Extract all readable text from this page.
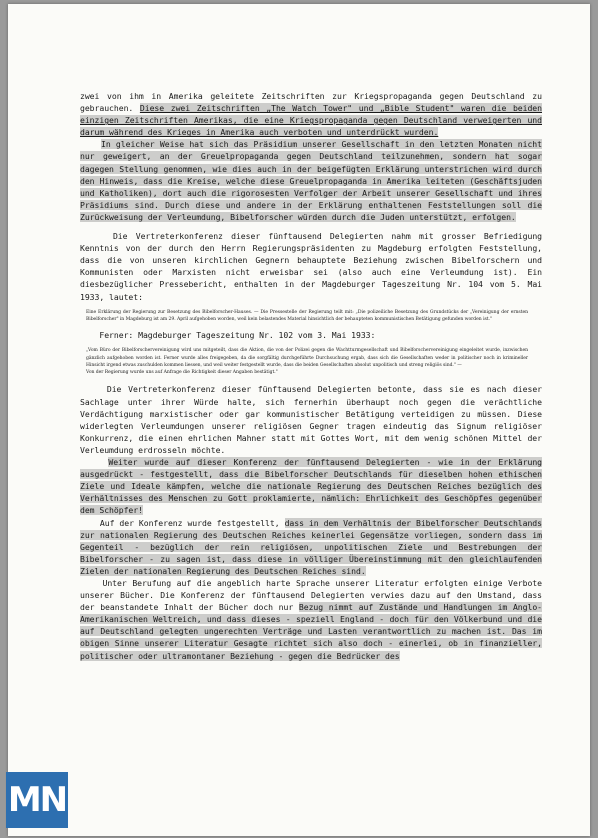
zwei von ihm in Amerika geleitete Zeitschriften zur Kriegspropaganda gegen Deutschland zu gebrauchen. Diese zwei Zeitschriften „The Watch Tower" und „Bible Student" waren die beiden einzigen Zeitschriften Amerikas, die eine Kriegspropaganda gegen Deutschland verweigerten und darum während des Krieges in Amerika auch verboten und unterdrückt wurden.

In gleicher Weise hat sich das Präsidium unserer Gesellschaft in den letzten Monaten nicht nur geweigert, an der Greuelpropaganda gegen Deutschland teilzunehmen, sondern hat sogar dagegen Stellung genommen, wie dies auch in der beigefügten Erklärung unterstrichen wird durch den Hinweis, dass die Kreise, welche diese Greuelpropaganda in Amerika leiteten (Geschäftsjuden und Katholiken), dort auch die rigorosesten Verfolger der Arbeit unserer Gesellschaft und ihres Präsidiums sind. Durch diese und andere in der Erklärung enthaltenen Feststellungen soll die Zurückweisung der Verleumdung, Bibelforscher würden durch die Juden unterstützt, erfolgen.

Die Vertreterkonferenz dieser fünftausend Delegierten nahm mit grosser Befriedigung Kenntnis von der durch den Herrn Regierungspräsidenten zu Magdeburg erfolgten Feststellung, dass die von unseren kirchlichen Gegnern behauptete Beziehung zwischen Bibelforschern und Kommunisten oder Marxisten nicht erweisbar sei (also auch eine Verleumdung ist). Ein diesbezüglicher Pressebericht, enthalten in der Magdeburger Tageszeitung Nr. 104 vom 5. Mai 1933, lautet:

Eine Erklärung der Regierung zur Besetzung des Bibelforscher-Hauses. — Die Pressestelle der Regierung teilt mit: „Die polizeiliche Besetzung des Grundstücks der „Vereinigung der ernsten Bibelforscher" in Magdeburg ist am 29. April aufgehoben worden, weil kein belastendes Material hinsichtlich der behaupteten kommunistischen Betätigung gefunden worden ist."

Ferner: Magdeburger Tageszeitung Nr. 102 vom 3. Mai 1933:

„Vom Büro der Bibelforschervereinigung wird uns mitgeteilt, dass die Aktion, die von der Polizei gegen die Wachtturmgesellschaft und Bibelforschervereinigung eingeleitet wurde, inzwischen gänzlich aufgehoben worden ist. Ferner wurde alles freigegeben, da die sorgfältig durchgeführte Durchsuchung ergab, dass sich die Gesellschaften weder in politischer noch in krimineller Hinsicht irgend etwas zuschulden kommen liessen, und weil weiter festgestellt wurde, dass die beiden Gesellschaften absolut unpolitisch und streng religiös sind." —
Von der Regierung wurde uns auf Anfrage die Richtigkeit dieser Angaben bestätigt."

Die Vertreterkonferenz dieser fünftausend Delegierten betonte, dass sie es nach dieser Sachlage unter ihrer Würde halte, sich fernerhin überhaupt noch gegen die verächtliche Verdächtigung marxistischer oder gar kommunistischer Betätigung verteidigen zu müssen. Diese widerlegten Verleumdungen unserer religiösen Gegner tragen eindeutig das Signum religiöser Konkurrenz, die einen ehrlichen Mahner statt mit Gottes Wort, mit dem wenig schönen Mittel der Verleumdung erdrosseln möchte.

Weiter wurde auf dieser Konferenz der fünftausend Delegierten - wie in der Erklärung ausgedrückt - festgestellt, dass die Bibelforscher Deutschlands für dieselben hohen ethischen Ziele und Ideale kämpfen, welche die nationale Regierung des Deutschen Reiches bezüglich des Verhältnisses des Menschen zu Gott proklamierte, nämlich: Ehrlichkeit des Geschöpfes gegenüber dem Schöpfer!

Auf der Konferenz wurde festgestellt, dass in dem Verhältnis der Bibelforscher Deutschlands zur nationalen Regierung des Deutschen Reiches keinerlei Gegensätze vorliegen, sondern dass im Gegenteil - bezüglich der rein religiösen, unpolitischen Ziele und Bestrebungen der Bibelforscher - zu sagen ist, dass diese in völliger Übereinstimmung mit den gleichlaufenden Zielen der nationalen Regierung des Deutschen Reiches sind.

Unter Berufung auf die angeblich harte Sprache unserer Literatur erfolgten einige Verbote unserer Bücher. Die Konferenz der fünftausend Delegierten verwies dazu auf den Umstand, dass der beanstandete Inhalt der Bücher doch nur Bezug nimmt auf Zustände und Handlungen im Anglo-Amerikanischen Weltreich, und dass dieses - speziell England - doch für den Völkerbund und die auf Deutschland gelegten ungerechten Verträge und Lasten verantwortlich zu machen ist. Das im obigen Sinne unserer Literatur Gesagte richtet sich also doch - einerlei, ob in finanzieller, politischer oder ultramontaner Beziehung - gegen die Bedrücker des

MN
